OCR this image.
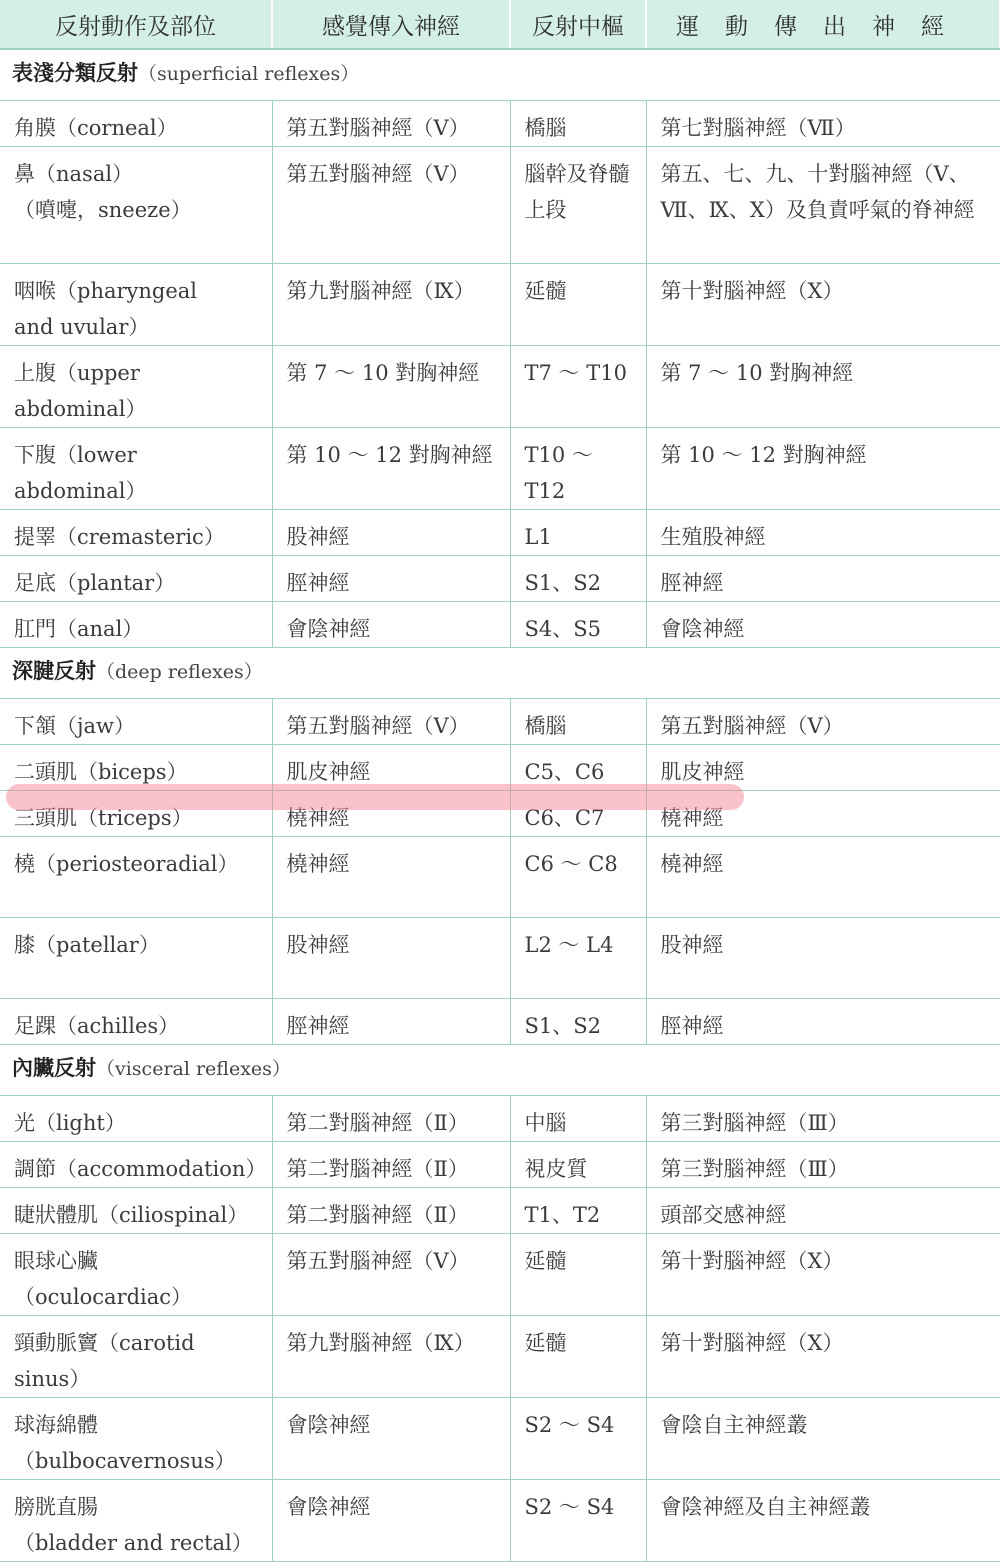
反射動作及部位	感覺傳入神經	反射中樞	運動傳出神經
表淺分類反射（superficial reflexes）			

角膜（corneal）	第五對腦神經（Ⅴ）	橋腦	第七對腦神經（Ⅶ）

鼻（nasal）
（噴嚏，sneeze）	第五對腦神經（Ⅴ）	腦幹及脊髓上段	第五、七、九、十對腦神經（Ⅴ、Ⅶ、Ⅸ、Ⅹ）及負責呼氣的脊神經

咽喉（pharyngeal
and uvular）	第九對腦神經（Ⅸ）	延髓	第十對腦神經（Ⅹ）

上腹（upper abdominal）	第 7 ～ 10 對胸神經	T7 ～ T10	第 7 ～ 10 對胸神經

下腹（lower abdominal）	第 10 ～ 12 對胸神經	T10 ～ T12	第 10 ～ 12 對胸神經

提睪（cremasteric）	股神經	L1	生殖股神經

足底（plantar）	脛神經	S1、S2	脛神經

肛門（anal）	會陰神經	S4、S5	會陰神經
深腱反射（deep reflexes）			

下頷（jaw）	第五對腦神經（Ⅴ）	橋腦	第五對腦神經（Ⅴ）

二頭肌（biceps）	肌皮神經	C5、C6	肌皮神經

三頭肌（triceps）	橈神經	C6、C7	橈神經

橈（periosteoradial）	橈神經	C6 ～ C8	橈神經

膝（patellar）	股神經	L2 ～ L4	股神經

足踝（achilles）	脛神經	S1、S2	脛神經
內臟反射（visceral reflexes）			

光（light）	第二對腦神經（Ⅱ）	中腦	第三對腦神經（Ⅲ）

調節（accommodation）	第二對腦神經（Ⅱ）	視皮質	第三對腦神經（Ⅲ）

睫狀體肌（ciliospinal）	第二對腦神經（Ⅱ）	T1、T2	頭部交感神經

眼球心臟（oculocardiac）	第五對腦神經（Ⅴ）	延髓	第十對腦神經（Ⅹ）

頸動脈竇（carotid sinus）	第九對腦神經（Ⅸ）	延髓	第十對腦神經（Ⅹ）

球海綿體
（bulbocavernosus）	會陰神經	S2 ～ S4	會陰自主神經叢

膀胱直腸
（bladder and rectal）	會陰神經	S2 ～ S4	會陰神經及自主神經叢
